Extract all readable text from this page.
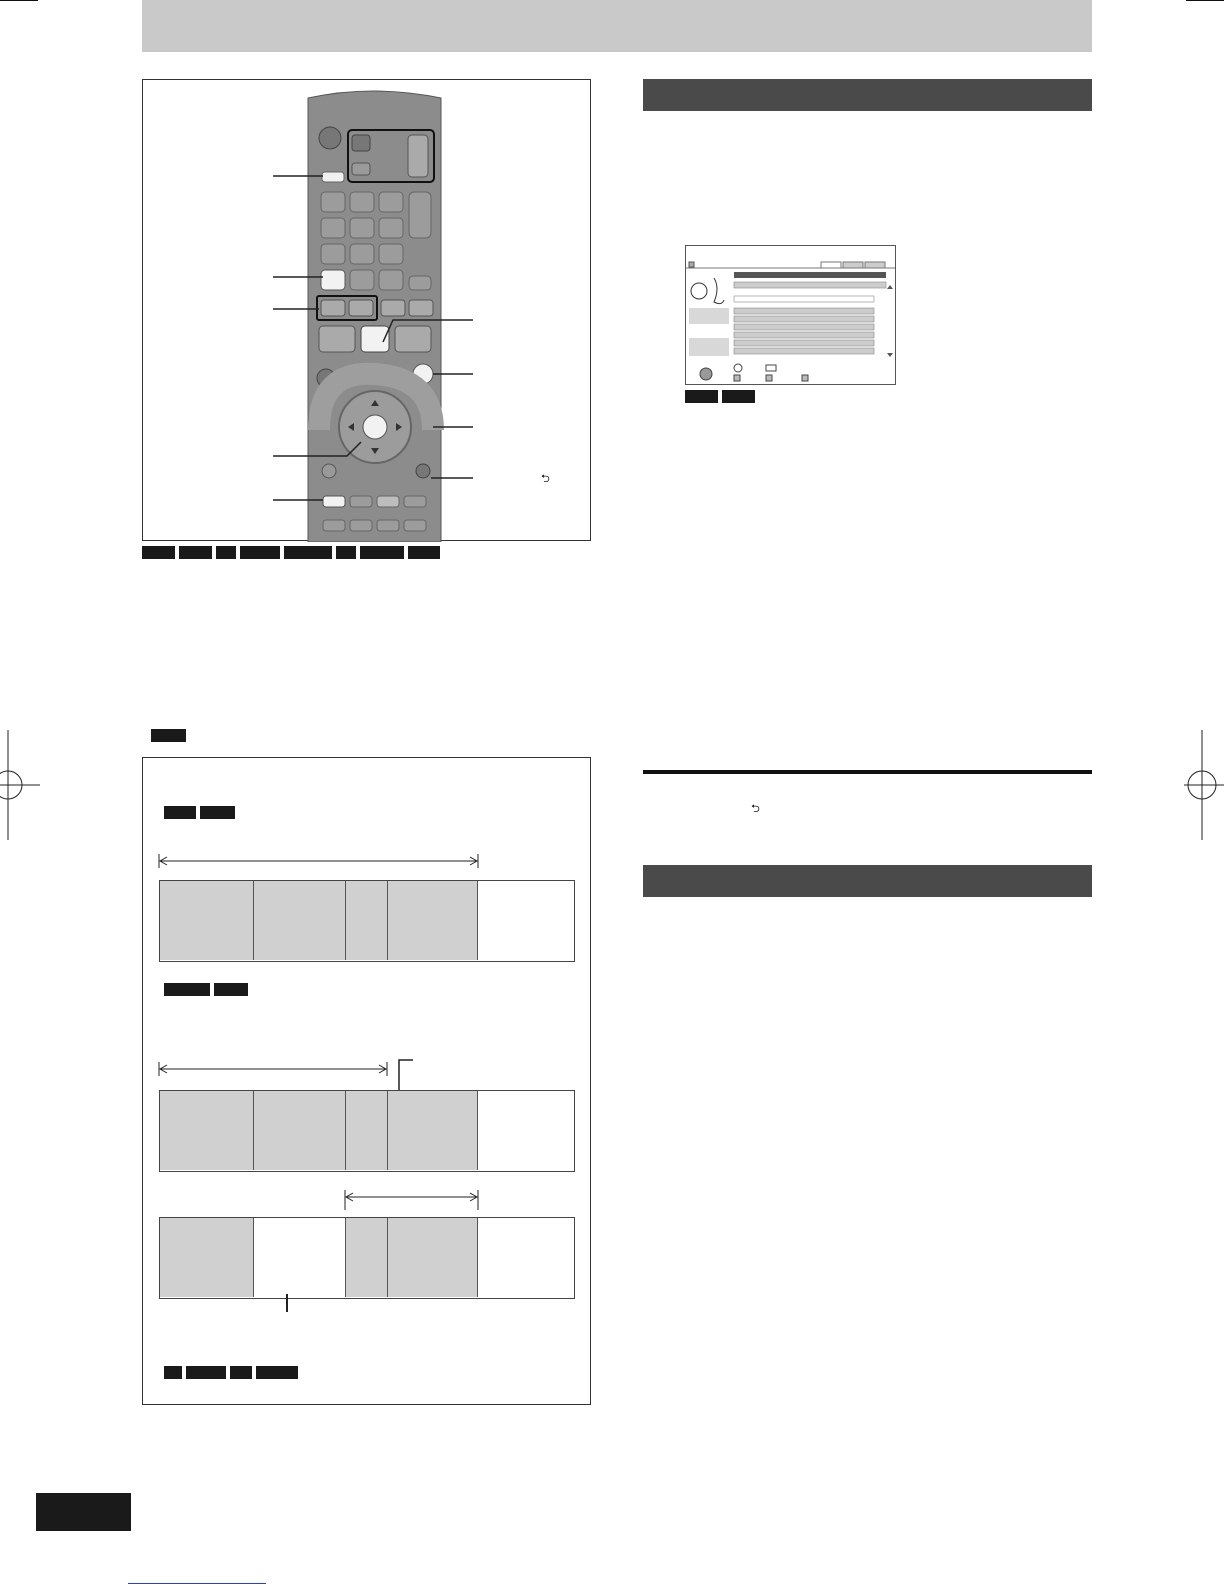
⮌
⮌
